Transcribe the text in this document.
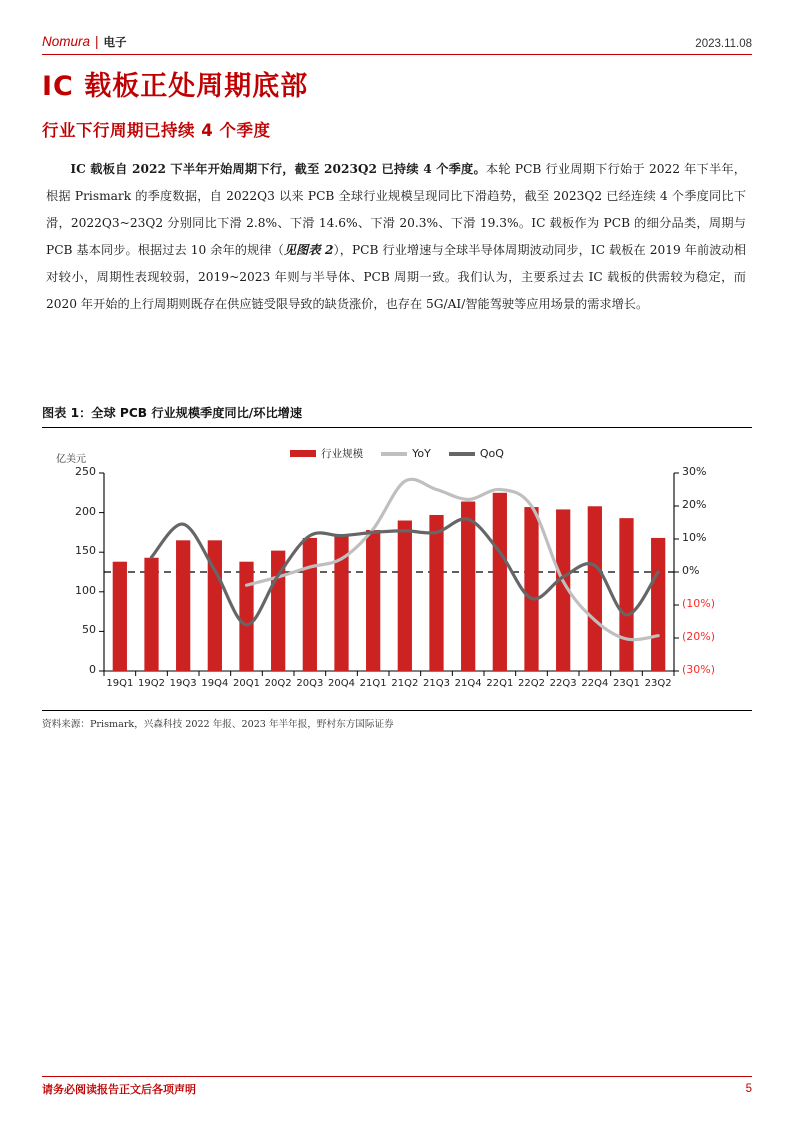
Nomura | 电子	2023.11.08
IC 载板正处周期底部
行业下行周期已持续 4 个季度
IC 载板自 2022 下半年开始周期下行，截至 2023Q2 已持续 4 个季度。本轮 PCB 行业周期下行始于 2022 年下半年，根据 Prismark 的季度数据，自 2022Q3 以来 PCB 全球行业规模呈现同比下滑趋势，截至 2023Q2 已经连续 4 个季度同比下滑，2022Q3~23Q2 分别同比下滑 2.8%、下滑 14.6%、下滑 20.3%、下滑 19.3%。IC 载板作为 PCB 的细分品类，周期与 PCB 基本同步。根据过去 10 余年的规律（见图表 2），PCB 行业增速与全球半导体周期波动同步，IC 载板在 2019 年前波动相对较小，周期性表现较弱，2019~2023 年则与半导体、PCB 周期一致。我们认为，主要系过去 IC 载板的供需较为稳定，而 2020 年开始的上行周期则既存在供应链受限导致的缺货涨价，也存在 5G/AI/智能驾驶等应用场景的需求增长。
图表 1：全球 PCB 行业规模季度同比/环比增速
亿美元	行业规模	YoY	QoQ
0
50
100
150
200
250	30%
20%
10%
0%
(10%)
(20%)
(30%)
19Q1 19Q2 19Q3 19Q4 20Q1 20Q2 20Q3 20Q4 21Q1 21Q2 21Q3 21Q4 22Q1 22Q2 22Q3 22Q4 23Q1 23Q2
资料来源：Prismark，兴森科技 2022 年报、2023 年半年报，野村东方国际证券
请务必阅读报告正文后各项声明	5
